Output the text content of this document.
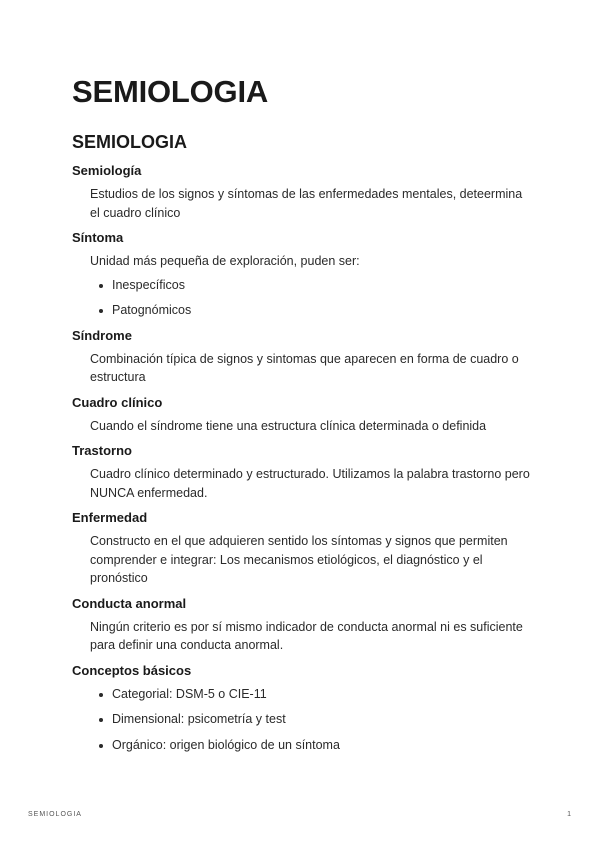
SEMIOLOGIA
SEMIOLOGIA

Semiología

Estudios de los signos y síntomas de las enfermedades mentales, deteermina el cuadro clínico

Síntoma

Unidad más pequeña de exploración, puden ser:

Inespecíficos
Patognómicos

Síndrome

Combinación típica de signos y sintomas que aparecen en forma de cuadro o estructura

Cuadro clínico

Cuando el síndrome tiene una estructura clínica determinada o definida

Trastorno

Cuadro clínico determinado y estructurado. Utilizamos la palabra trastorno pero NUNCA enfermedad.

Enfermedad

Constructo en el que adquieren sentido los síntomas y signos que permiten comprender e integrar: Los mecanismos etiológicos, el diagnóstico y el pronóstico

Conducta anormal

Ningún criterio es por sí mismo indicador de conducta anormal ni es suficiente para definir una conducta anormal.

Conceptos básicos

Categorial: DSM-5 o CIE-11
Dimensional: psicometría y test
Orgánico: origen biológico de un síntoma
SEMIOLOGIA	1
